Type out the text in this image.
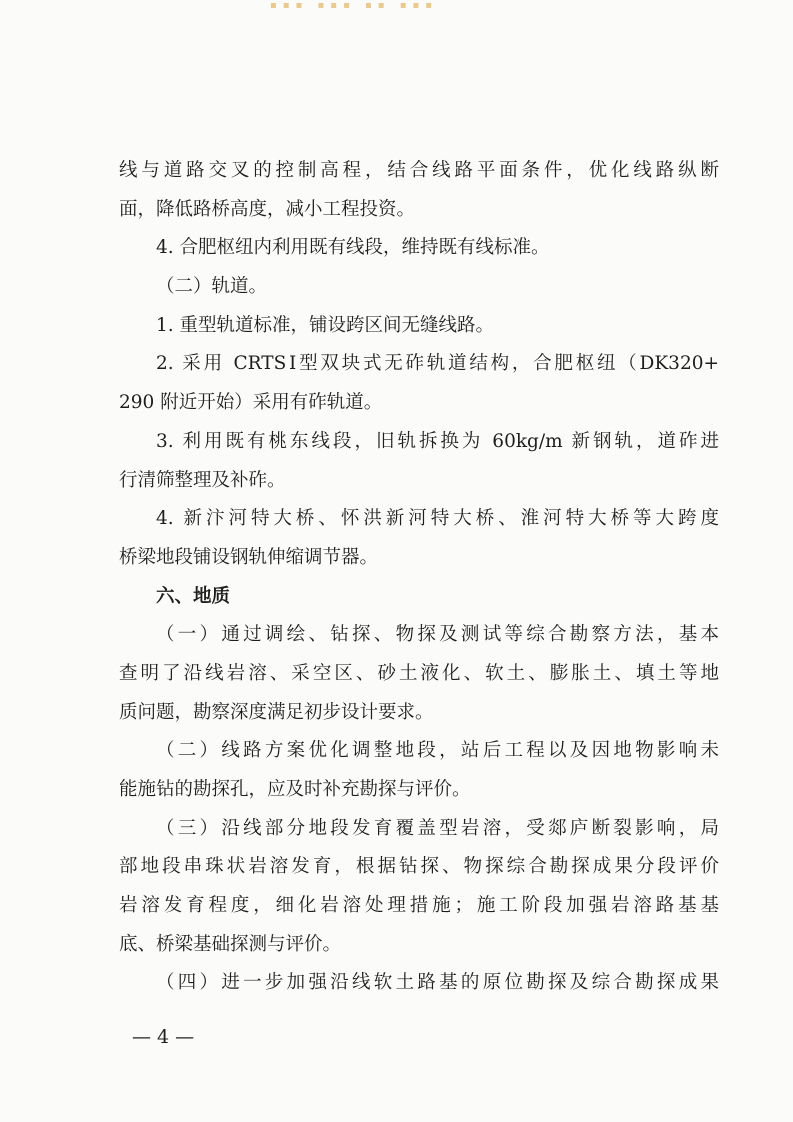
▪▪▪ ▪▪▪ ▪▪ ▪▪▪
线与道路交叉的控制高程，结合线路平面条件，优化线路纵断
面，降低路桥高度，减小工程投资。
4. 合肥枢纽内利用既有线段，维持既有线标准。
（二）轨道。
1. 重型轨道标准，铺设跨区间无缝线路。
2. 采用 CRTSⅠ型双块式无砟轨道结构，合肥枢纽（DK320+
290 附近开始）采用有砟轨道。
3. 利用既有桃东线段，旧轨拆换为 60kg/m 新钢轨，道砟进
行清筛整理及补砟。
4. 新汴河特大桥、怀洪新河特大桥、淮河特大桥等大跨度
桥梁地段铺设钢轨伸缩调节器。
六、地质
（一）通过调绘、钻探、物探及测试等综合勘察方法，基本
查明了沿线岩溶、采空区、砂土液化、软土、膨胀土、填土等地
质问题，勘察深度满足初步设计要求。
（二）线路方案优化调整地段，站后工程以及因地物影响未
能施钻的勘探孔，应及时补充勘探与评价。
（三）沿线部分地段发育覆盖型岩溶，受郯庐断裂影响，局
部地段串珠状岩溶发育，根据钻探、物探综合勘探成果分段评价
岩溶发育程度，细化岩溶处理措施；施工阶段加强岩溶路基基
底、桥梁基础探测与评价。
（四）进一步加强沿线软土路基的原位勘探及综合勘探成果
— 4 —
